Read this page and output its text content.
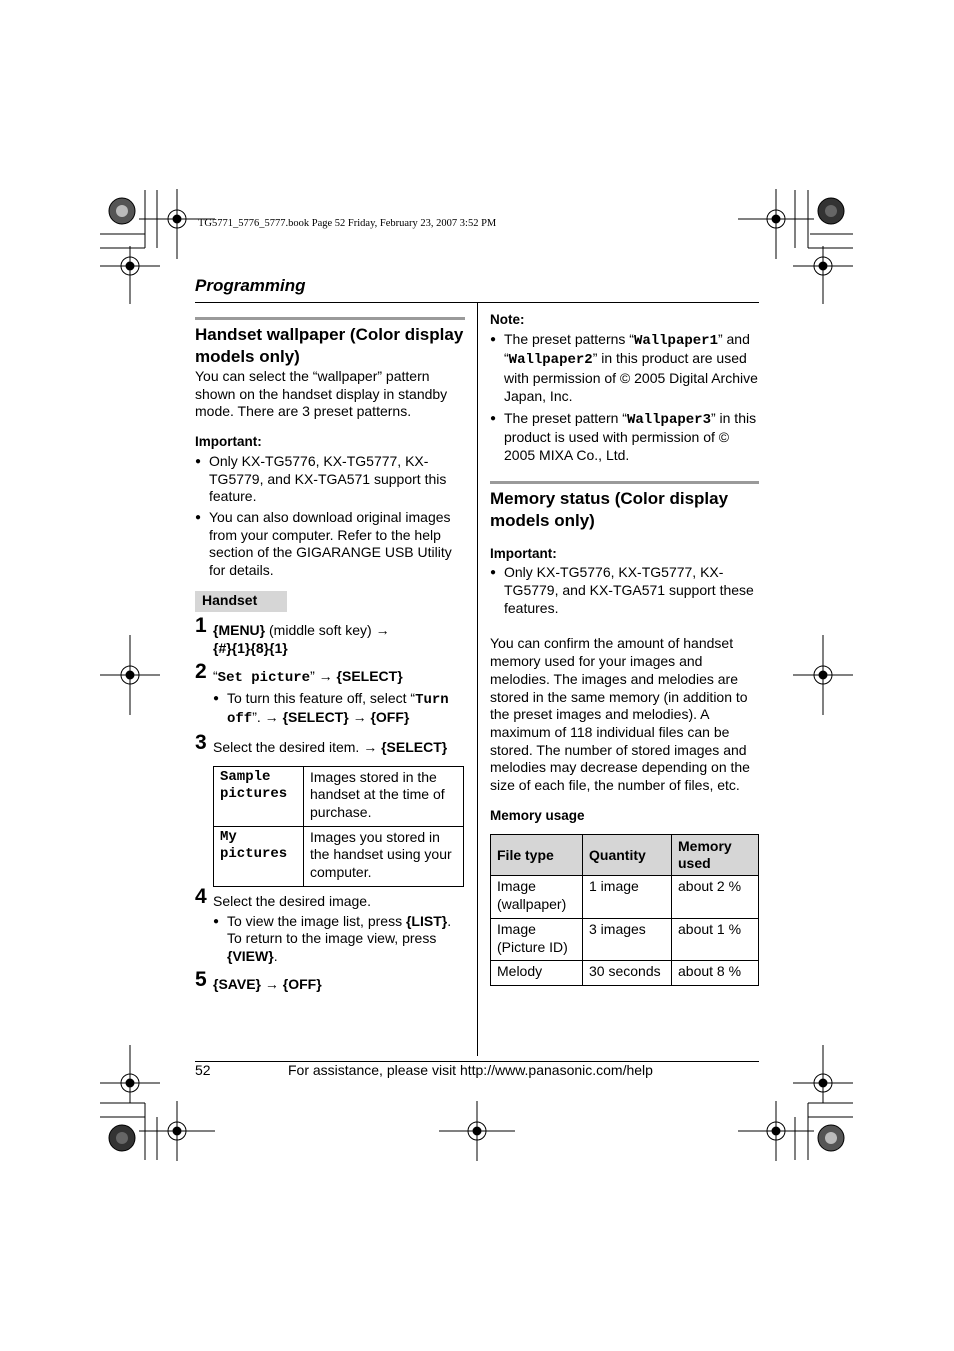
TG5771_5776_5777.book Page 52 Friday, February 23, 2007 3:52 PM
Programming
Handset wallpaper (Color display models only)

You can select the “wallpaper” pattern shown on the handset display in standby mode. There are 3 preset patterns.

Important:

● Only KX-TG5776, KX-TG5777, KX-TG5779, and KX-TGA571 support this feature.
● You can also download original images from your computer. Refer to the help section of the GIGARANGE USB Utility for details.
Handset
1 {MENU} (middle soft key) →
{#}{1}{8}{1}
2 “Set picture” → {SELECT}
● To turn this feature off, select “Turn off”. → {SELECT} → {OFF}
3 Select the desired item. → {SELECT}
Sample pictures	Images stored in the handset at the time of purchase.
My pictures	Images you stored in the handset using your computer.
4 Select the desired image.
● To view the image list, press {LIST}. To return to the image view, press {VIEW}.
5 {SAVE} → {OFF}

Note:

● The preset patterns “Wallpaper1” and “Wallpaper2” in this product are used with permission of © 2005 Digital Archive Japan, Inc.
● The preset pattern “Wallpaper3” in this product is used with permission of © 2005 MIXA Co., Ltd.
Memory status (Color display models only)

Important:

● Only KX-TG5776, KX-TG5777, KX-TG5779, and KX-TGA571 support these features.

You can confirm the amount of handset memory used for your images and melodies. The images and melodies are stored in the same memory (in addition to the preset images and melodies). A maximum of 118 individual files can be stored. The number of stored images and melodies may decrease depending on the size of each file, the number of files, etc.

Memory usage

File type	Quantity	Memory used
Image (wallpaper)	1 image	about 2 %
Image (Picture ID)	3 images	about 1 %
Melody	30 seconds	about 8 %
52	For assistance, please visit http://www.panasonic.com/help
